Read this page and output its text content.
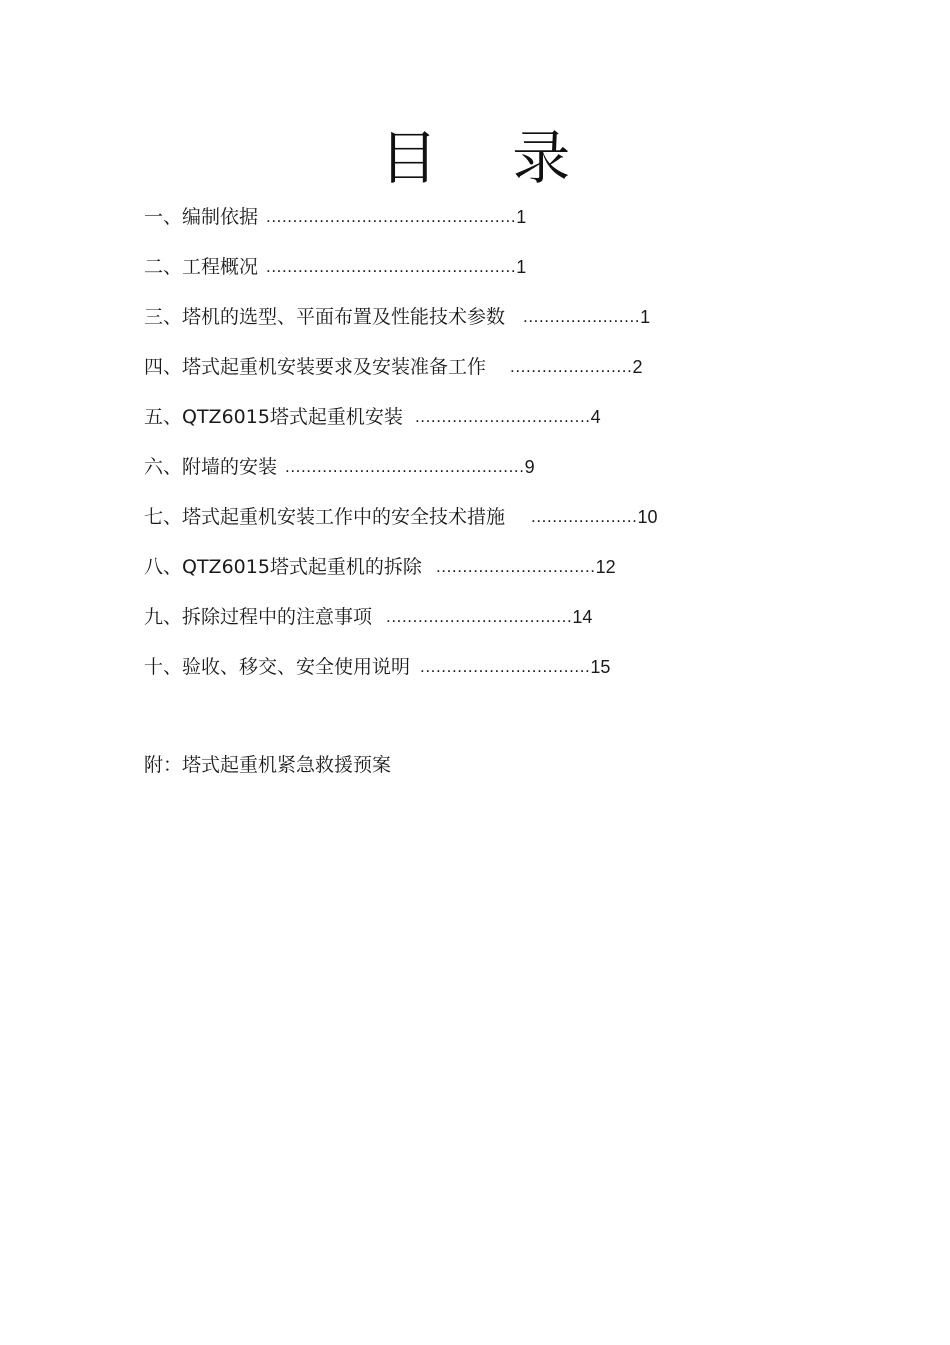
目 录
一、编制依据 ...............................................1
二、工程概况 ...............................................1
三、塔机的选型、平面布置及性能技术参数 ......................1
四、塔式起重机安装要求及安装准备工作 .......................2
五、QTZ6015塔式起重机安装 .................................4
六、附墙的安装 .............................................9
七、塔式起重机安装工作中的安全技术措施 ....................10
八、QTZ6015塔式起重机的拆除 ..............................12
九、拆除过程中的注意事项 ...................................14
十、验收、移交、安全使用说明 ................................15
附：塔式起重机紧急救援预案
